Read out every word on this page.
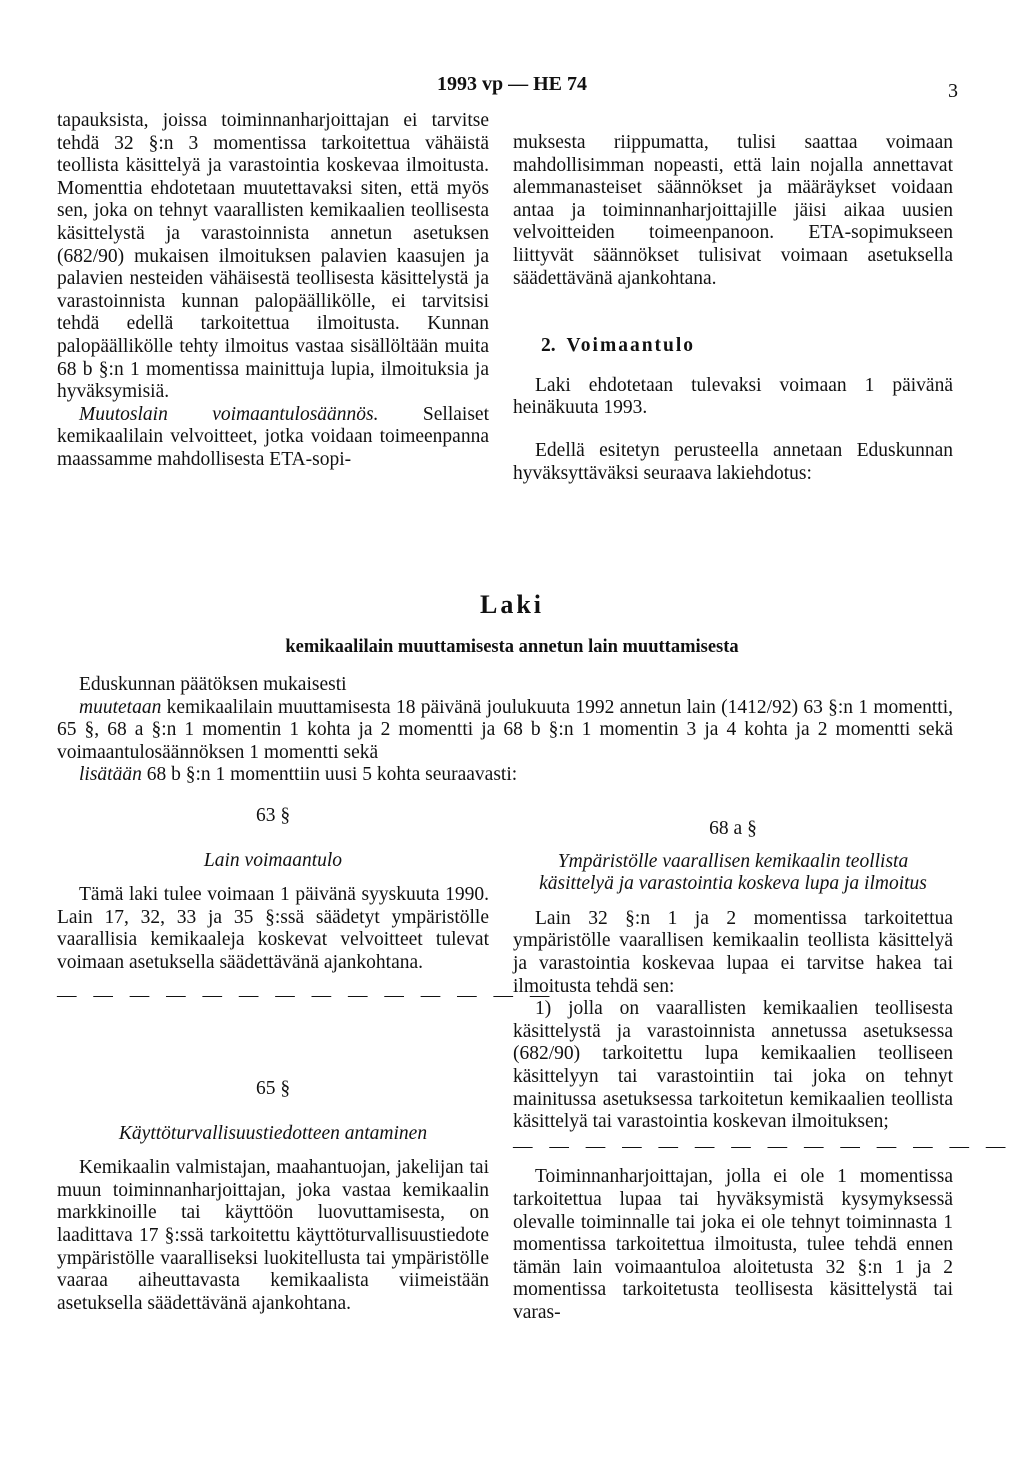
1993 vp — HE 74	3

tapauksista, joissa toiminnanharjoittajan ei tarvitse tehdä 32 §:n 3 momentissa tarkoitettua vähäistä teollista käsittelyä ja varastointia koskevaa ilmoitusta. Momenttia ehdotetaan muutettavaksi siten, että myös sen, joka on tehnyt vaarallisten kemikaalien teollisesta käsittelystä ja varastoinnista annetun asetuksen (682/90) mukaisen ilmoituksen palavien kaasujen ja palavien nesteiden vähäisestä teollisesta käsittelystä ja varastoinnista kunnan palopäällikölle, ei tarvitsisi tehdä edellä tarkoitettua ilmoitusta. Kunnan palopäällikölle tehty ilmoitus vastaa sisällöltään muita 68 b §:n 1 momentissa mainittuja lupia, ilmoituksia ja hyväksymisiä.

Muutoslain voimaantulosäännös. Sellaiset kemikaalilain velvoitteet, jotka voidaan toimeenpanna maassamme mahdollisesta ETA-sopi-

muksesta riippumatta, tulisi saattaa voimaan mahdollisimman nopeasti, että lain nojalla annettavat alemmanasteiset säännökset ja määräykset voidaan antaa ja toiminnanharjoittajille jäisi aikaa uusien velvoitteiden toimeenpanoon. ETA-sopimukseen liittyvät säännökset tulisivat voimaan asetuksella säädettävänä ajankohtana.

2. Voimaantulo

Laki ehdotetaan tulevaksi voimaan 1 päivänä heinäkuuta 1993.

Edellä esitetyn perusteella annetaan Eduskunnan hyväksyttäväksi seuraava lakiehdotus:

Laki
kemikaalilain muuttamisesta annetun lain muuttamisesta

Eduskunnan päätöksen mukaisesti

muutetaan kemikaalilain muuttamisesta 18 päivänä joulukuuta 1992 annetun lain (1412/92) 63 §:n 1 momentti, 65 §, 68 a §:n 1 momentin 1 kohta ja 2 momentti ja 68 b §:n 1 momentin 3 ja 4 kohta ja 2 momentti sekä voimaantulosäännöksen 1 momentti sekä

lisätään 68 b §:n 1 momenttiin uusi 5 kohta seuraavasti:

63 §
Lain voimaantulo

Tämä laki tulee voimaan 1 päivänä syyskuuta 1990. Lain 17, 32, 33 ja 35 §:ssä säädetyt ympäristölle vaarallisia kemikaaleja koskevat velvoitteet tulevat voimaan asetuksella säädettävänä ajankohtana.

— — — — — — — — — — — — — —
65 §
Käyttöturvallisuustiedotteen antaminen

Kemikaalin valmistajan, maahantuojan, jakelijan tai muun toiminnanharjoittajan, joka vastaa kemikaalin markkinoille tai käyttöön luovuttamisesta, on laadittava 17 §:ssä tarkoitettu käyttöturvallisuustiedote ympäristölle vaaralliseksi luokitellusta tai ympäristölle vaaraa aiheuttavasta kemikaalista viimeistään asetuksella säädettävänä ajankohtana.

68 a §
Ympäristölle vaarallisen kemikaalin teollista käsittelyä ja varastointia koskeva lupa ja ilmoitus

Lain 32 §:n 1 ja 2 momentissa tarkoitettua ympäristölle vaarallisen kemikaalin teollista käsittelyä ja varastointia koskevaa lupaa ei tarvitse hakea tai ilmoitusta tehdä sen:

1) jolla on vaarallisten kemikaalien teollisesta käsittelystä ja varastoinnista annetussa asetuksessa (682/90) tarkoitettu lupa kemikaalien teolliseen käsittelyyn tai varastointiin tai joka on tehnyt mainitussa asetuksessa tarkoitetun kemikaalien teollista käsittelyä tai varastointia koskevan ilmoituksen;

— — — — — — — — — — — — — —

Toiminnanharjoittajan, jolla ei ole 1 momentissa tarkoitettua lupaa tai hyväksymistä kysymyksessä olevalle toiminnalle tai joka ei ole tehnyt toiminnasta 1 momentissa tarkoitettua ilmoitusta, tulee tehdä ennen tämän lain voimaantuloa aloitetusta 32 §:n 1 ja 2 momentissa tarkoitetusta teollisesta käsittelystä tai varas-
